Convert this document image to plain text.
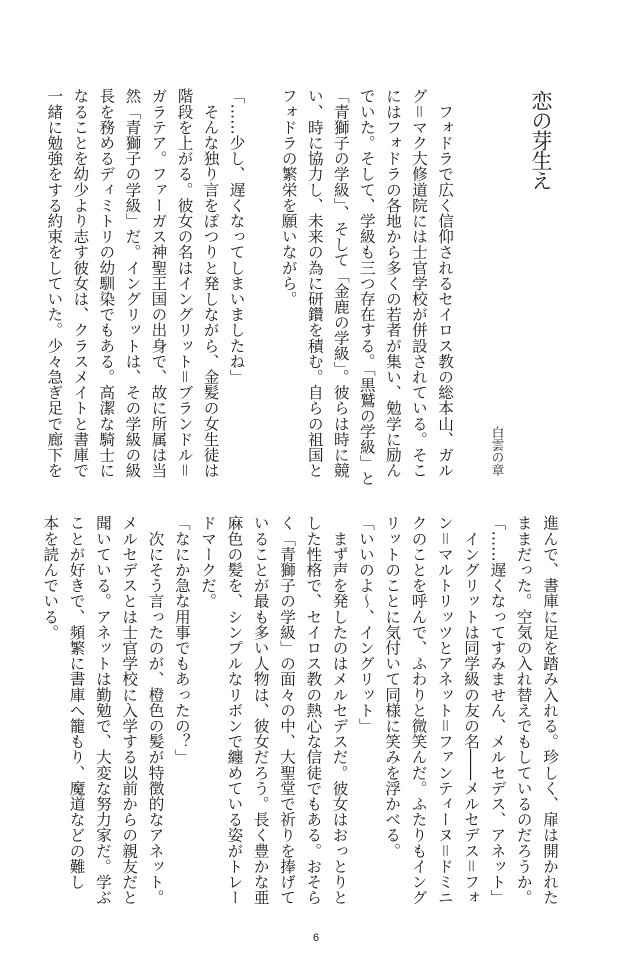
恋の芽生え
白雲の章
　フォドラで広く信仰されるセイロス教の総本山、ガル
グ＝マク大修道院には士官学校が併設されている。そこ
にはフォドラの各地から多くの若者が集い、勉学に励ん
でいた。そして、学級も三つ存在する。「黒鷲の学級」と
「青獅子の学級」、そして「金鹿の学級」。彼らは時に競
い、時に協力し、未来の為に研鑽を積む。自らの祖国と
フォドラの繁栄を願いながら。
「……少し、遅くなってしまいましたね」
　そんな独り言をぽつりと発しながら、金髪の女生徒は
階段を上がる。彼女の名はイングリット＝ブランドル＝
ガラテア。ファーガス神聖王国の出身で、故に所属は当
然「青獅子の学級」だ。イングリットは、その学級の級
長を務めるディミトリの幼馴染でもある。高潔な騎士に
なることを幼少より志す彼女は、クラスメイトと書庫で
一緒に勉強をする約束をしていた。少々急ぎ足で廊下を
進んで、書庫に足を踏み入れる。珍しく、扉は開かれた
ままだった。空気の入れ替えでもしているのだろうか。
「……遅くなってすみません、メルセデス、アネット」
　イングリットは同学級の友の名――メルセデス＝フォ
ン＝マルトリッツとアネット＝ファンティーヌ＝ドミニ
クのことを呼んで、ふわりと微笑んだ。ふたりもイング
リットのことに気付いて同様に笑みを浮かべる。
「いいのよ～、イングリット」
　まず声を発したのはメルセデスだ。彼女はおっとりと
した性格で、セイロス教の熱心な信徒でもある。おそら
く「青獅子の学級」の面々の中、大聖堂で祈りを捧げて
いることが最も多い人物は、彼女だろう。長く豊かな亜
麻色の髪を、シンプルなリボンで纏めている姿がトレー
ドマークだ。
「なにか急な用事でもあったの？」
　次にそう言ったのが、橙色の髪が特徴的なアネット。
メルセデスとは士官学校に入学する以前からの親友だと
聞いている。アネットは勤勉で、大変な努力家だ。学ぶ
ことが好きで、頻繁に書庫へ籠もり、魔道などの難し
本を読んでいる。
6
